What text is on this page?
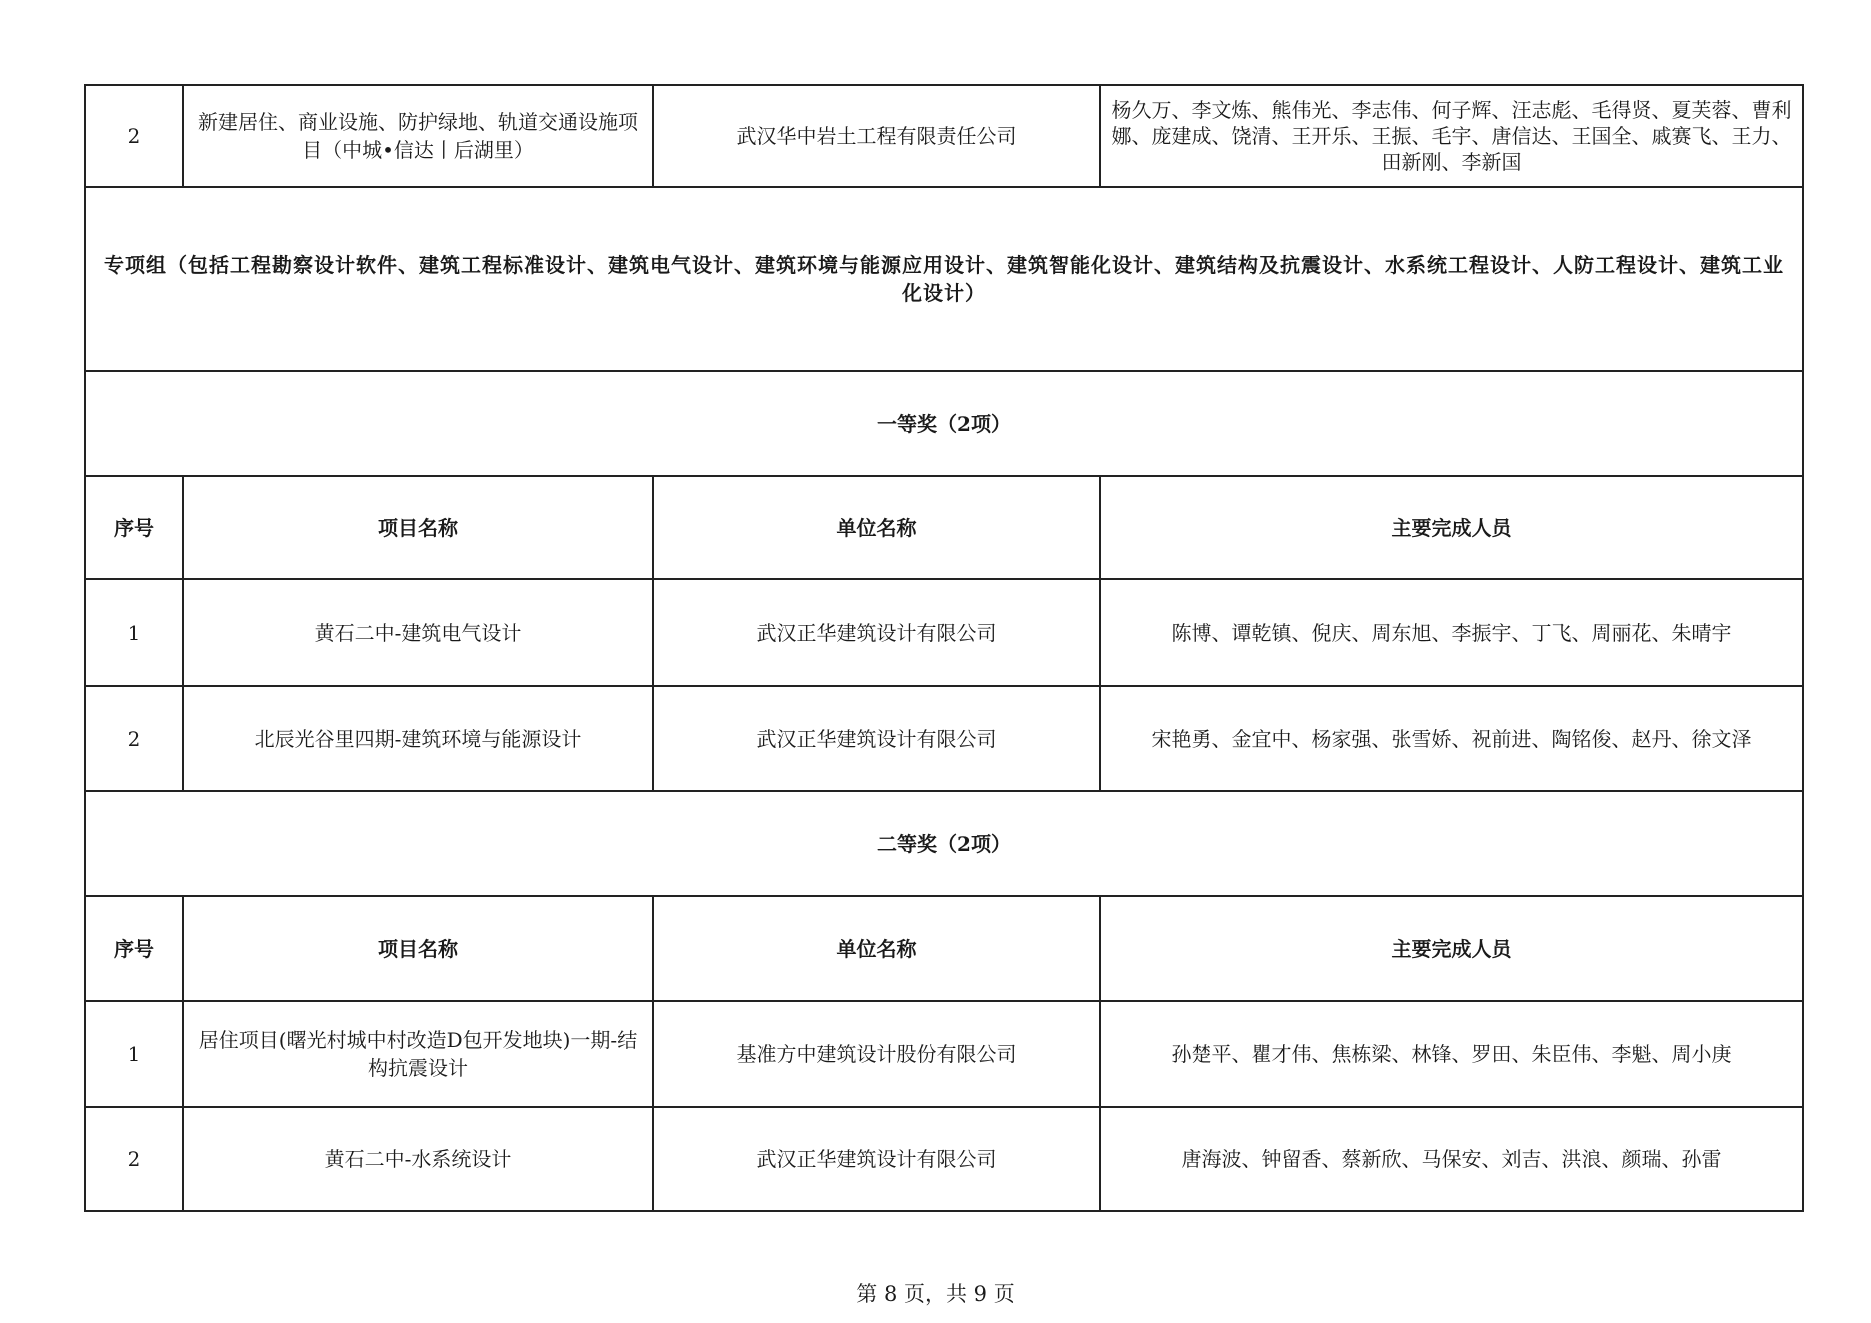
2	新建居住、商业设施、防护绿地、轨道交通设施项目（中城•信达丨后湖里）	武汉华中岩土工程有限责任公司	杨久万、李文炼、熊伟光、李志伟、何子辉、汪志彪、毛得贤、夏芙蓉、曹利娜、庞建成、饶清、王开乐、王振、毛宇、唐信达、王国全、戚赛飞、王力、田新刚、李新国
专项组（包括工程勘察设计软件、建筑工程标准设计、建筑电气设计、建筑环境与能源应用设计、建筑智能化设计、建筑结构及抗震设计、水系统工程设计、人防工程设计、建筑工业化设计）			
一等奖（2项）			
序号	项目名称	单位名称	主要完成人员
1	黄石二中-建筑电气设计	武汉正华建筑设计有限公司	陈博、谭乾镇、倪庆、周东旭、李振宇、丁飞、周丽花、朱晴宇
2	北辰光谷里四期-建筑环境与能源设计	武汉正华建筑设计有限公司	宋艳勇、金宜中、杨家强、张雪娇、祝前进、陶铭俊、赵丹、徐文泽
二等奖（2项）			
序号	项目名称	单位名称	主要完成人员
1	居住项目(曙光村城中村改造D包开发地块)一期-结构抗震设计	基准方中建筑设计股份有限公司	孙楚平、瞿才伟、焦栋梁、林锋、罗田、朱臣伟、李魁、周小庚
2	黄石二中-水系统设计	武汉正华建筑设计有限公司	唐海波、钟留香、蔡新欣、马保安、刘吉、洪浪、颜瑞、孙雷
第 8 页，共 9 页
